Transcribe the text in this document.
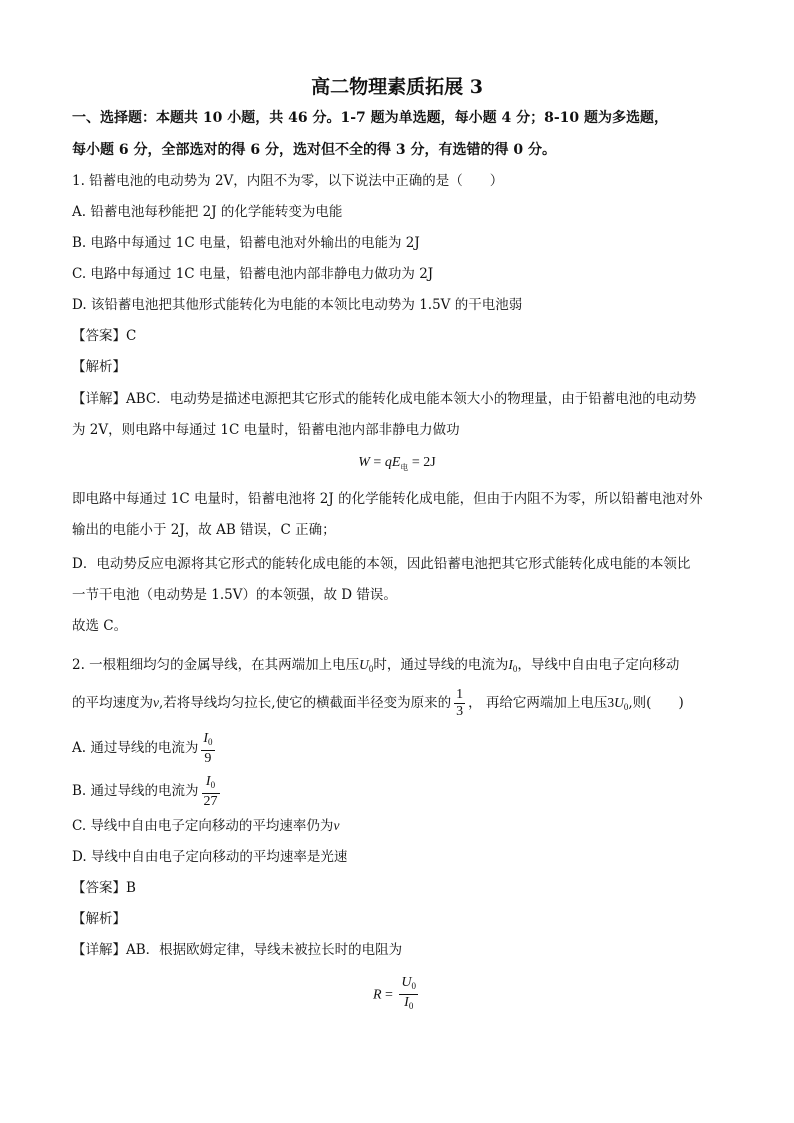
高二物理素质拓展 3
一、选择题：本题共 10 小题，共 46 分。1-7 题为单选题，每小题 4 分；8-10 题为多选题，
每小题 6 分，全部选对的得 6 分，选对但不全的得 3 分，有选错的得 0 分。
1. 铅蓄电池的电动势为 2V，内阻不为零，以下说法中正确的是（　　）
A. 铅蓄电池每秒能把 2J 的化学能转变为电能
B. 电路中每通过 1C 电量，铅蓄电池对外输出的电能为 2J
C. 电路中每通过 1C 电量，铅蓄电池内部非静电力做功为 2J
D. 该铅蓄电池把其他形式能转化为电能的本领比电动势为 1.5V 的干电池弱
【答案】C
【解析】
【详解】ABC．电动势是描述电源把其它形式的能转化成电能本领大小的物理量，由于铅蓄电池的电动势
为 2V，则电路中每通过 1C 电量时，铅蓄电池内部非静电力做功
$W = qE_电 = 2J$
即电路中每通过 1C 电量时，铅蓄电池将 2J 的化学能转化成电能，但由于内阻不为零，所以铅蓄电池对外
输出的电能小于 2J，故 AB 错误，C 正确；
D．电动势反应电源将其它形式的能转化成电能的本领，因此铅蓄电池把其它形式能转化成电能的本领比
一节干电池（电动势是 1.5V）的本领强，故 D 错误。
故选 C。
2. 一根粗细均匀的金属导线，在其两端加上电压$U_0$时，通过导线的电流为$I_0$，导线中自由电子定向移动
的平均速度为v,若将导线均匀拉长,使它的横截面半径变为原来的 $\frac{1}{3}$ ， 再给它两端加上电压$3U_0$,则(　　)
A. 通过导线的电流为 $\frac{I_0}{9}$
B. 通过导线的电流为 $\frac{I_0}{27}$
C. 导线中自由电子定向移动的平均速率仍为v
D. 导线中自由电子定向移动的平均速率是光速
【答案】B
【解析】
【详解】AB．根据欧姆定律，导线未被拉长时的电阻为
$R = \frac{U_0}{I_0}$
